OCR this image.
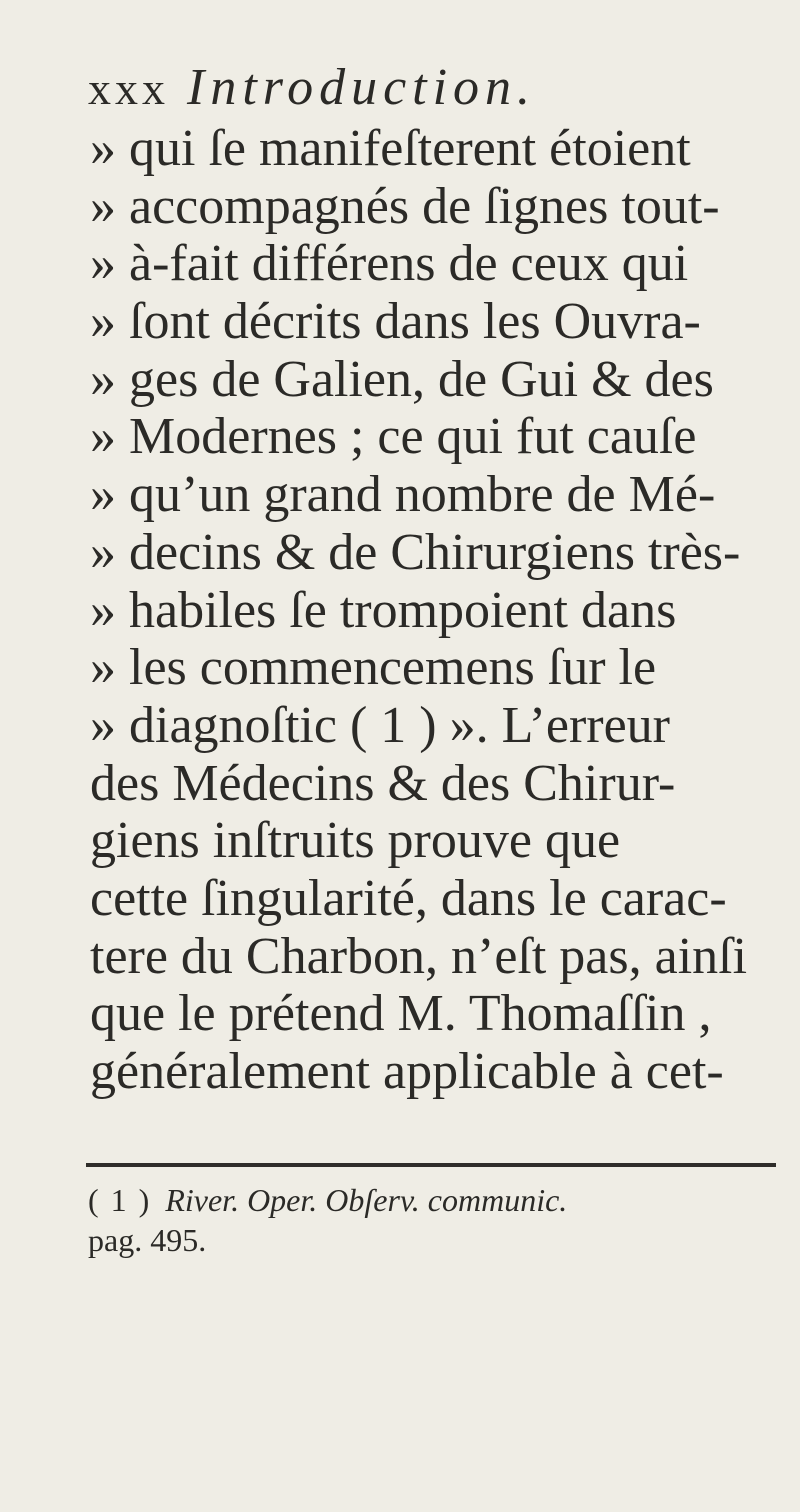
xxx Introduction.
» qui ſe manifeſterent étoient
» accompagnés de ſignes tout-
» à-fait différens de ceux qui
» ſont décrits dans les Ouvra-
» ges de Galien, de Gui & des
» Modernes ; ce qui fut cauſe
» qu’un grand nombre de Mé-
» decins & de Chirurgiens très-
» habiles ſe trompoient dans
» les commencemens ſur le
» diagnoſtic ( 1 ) ». L’erreur
des Médecins & des Chirur-
giens inſtruits prouve que
cette ſingularité, dans le carac-
tere du Charbon, n’eſt pas, ainſi
que le prétend M. Thomaſſin ,
généralement applicable à cet-
( 1 ) River. Oper. Obſerv. communic.
pag. 495.
